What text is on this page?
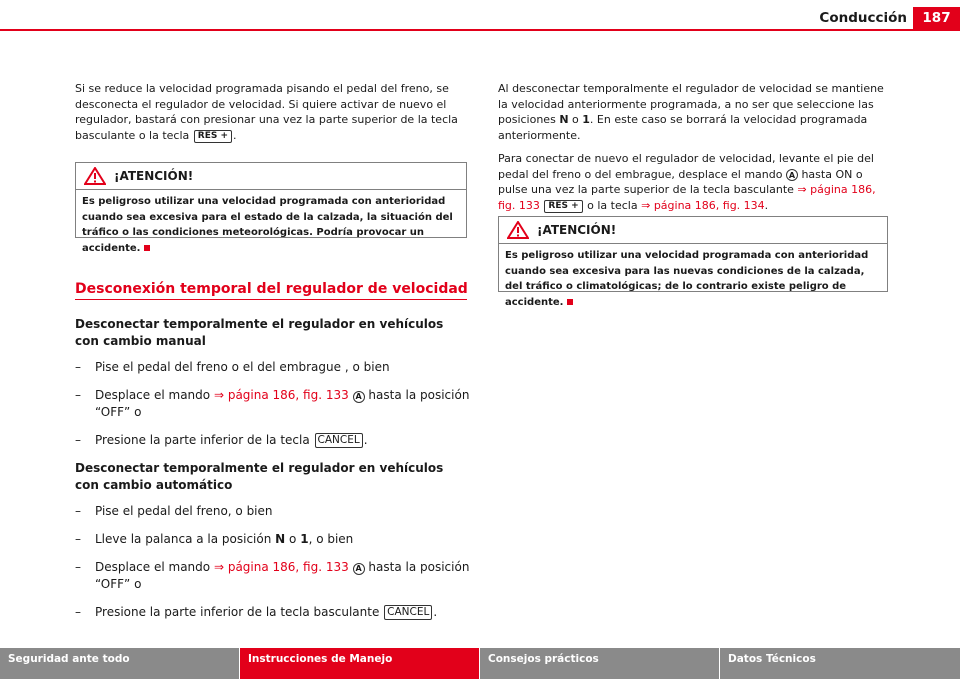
Conducción	187

Si se reduce la velocidad programada pisando el pedal del freno, se desconecta el regulador de velocidad. Si quiere activar de nuevo el regulador, bastará con presionar una vez la parte superior de la tecla basculante o la tecla RES + .

¡ATENCIÓN!
Es peligroso utilizar una velocidad programada con anterioridad cuando sea excesiva para el estado de la calzada, la situación del tráfico o las condiciones meteorológicas. Podría provocar un accidente.
Desconexión temporal del regulador de velocidad
Desconectar temporalmente el regulador en vehículos con cambio manual
–	Pise el pedal del freno o el del embrague , o bien
–	Desplace el mando ⇒ página 186, fig. 133 A hasta la posición “OFF” o
–	Presione la parte inferior de la tecla CANCEL .
Desconectar temporalmente el regulador en vehículos con cambio automático
–	Pise el pedal del freno, o bien
–	Lleve la palanca a la posición N o 1, o bien
–	Desplace el mando ⇒ página 186, fig. 133 A hasta la posición “OFF” o
–	Presione la parte inferior de la tecla basculante CANCEL .

Al desconectar temporalmente el regulador de velocidad se mantiene la velocidad anteriormente programada, a no ser que seleccione las posiciones N o 1. En este caso se borrará la velocidad programada anteriormente.

Para conectar de nuevo el regulador de velocidad, levante el pie del pedal del freno o del embrague, desplace el mando A hasta ON o pulse una vez la parte superior de la tecla basculante ⇒ página 186, fig. 133 RES + o la tecla ⇒ página 186, fig. 134.

¡ATENCIÓN!
Es peligroso utilizar una velocidad programada con anterioridad cuando sea excesiva para las nuevas condiciones de la calzada, del tráfico o climatológicas; de lo contrario existe peligro de accidente.
Seguridad ante todo	Instrucciones de Manejo	Consejos prácticos	Datos Técnicos
